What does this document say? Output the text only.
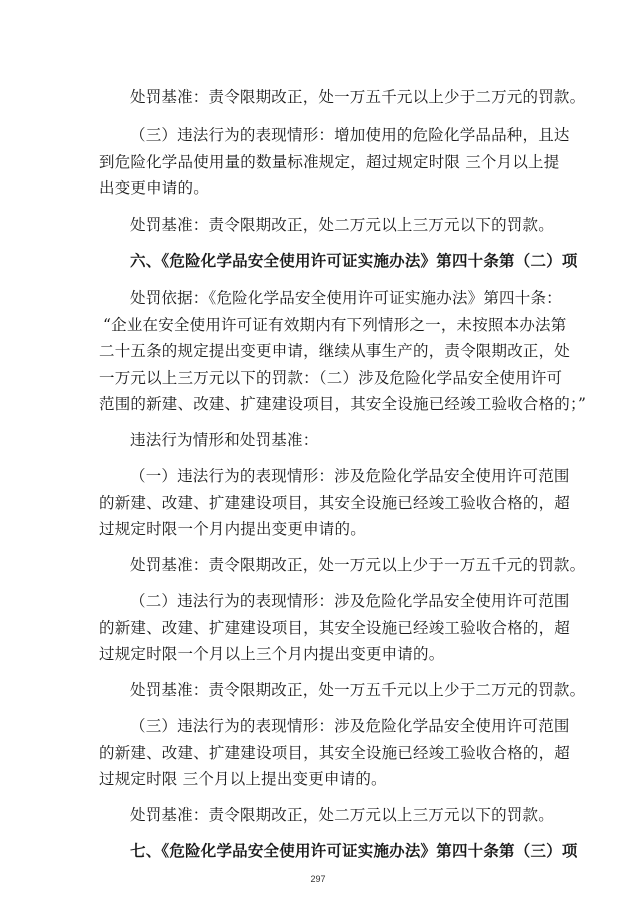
处罚基准：责令限期改正，处一万五千元以上少于二万元的罚款。
（三）违法行为的表现情形：增加使用的危险化学品品种，且达
到危险化学品使用量的数量标准规定，超过规定时限 三个月以上提
出变更申请的。
处罚基准：责令限期改正，处二万元以上三万元以下的罚款。
六、《危险化学品安全使用许可证实施办法》第四十条第（二）项
处罚依据：《危险化学品安全使用许可证实施办法》第四十条：
“企业在安全使用许可证有效期内有下列情形之一，未按照本办法第
二十五条的规定提出变更申请，继续从事生产的，责令限期改正，处
一万元以上三万元以下的罚款：（二）涉及危险化学品安全使用许可
范围的新建、改建、扩建建设项目，其安全设施已经竣工验收合格的；”
违法行为情形和处罚基准：
（一）违法行为的表现情形：涉及危险化学品安全使用许可范围
的新建、改建、扩建建设项目，其安全设施已经竣工验收合格的，超
过规定时限一个月内提出变更申请的。
处罚基准：责令限期改正，处一万元以上少于一万五千元的罚款。
（二）违法行为的表现情形：涉及危险化学品安全使用许可范围
的新建、改建、扩建建设项目，其安全设施已经竣工验收合格的，超
过规定时限一个月以上三个月内提出变更申请的。
处罚基准：责令限期改正，处一万五千元以上少于二万元的罚款。
（三）违法行为的表现情形：涉及危险化学品安全使用许可范围
的新建、改建、扩建建设项目，其安全设施已经竣工验收合格的，超
过规定时限 三个月以上提出变更申请的。
处罚基准：责令限期改正，处二万元以上三万元以下的罚款。
七、《危险化学品安全使用许可证实施办法》第四十条第（三）项
297
